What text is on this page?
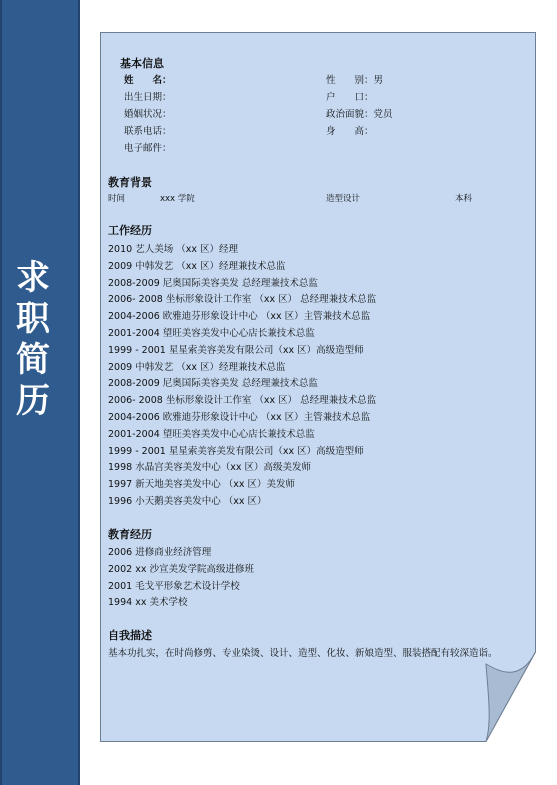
求
职
简
历
基本信息
姓　　名：	性　　别：男
出生日期：	户　　口：
婚姻状况：	政治面貌：党员
联系电话：	身　　高：
电子邮件：
教育背景
时间	xxx 学院	造型设计	本科
工作经历
2010 艺人美场 （xx 区）经理
2009 中韩发艺 （xx 区）经理兼技术总监
2008-2009 尼奥国际美容美发 总经理兼技术总监
2006- 2008 坐标形象设计工作室 （xx 区） 总经理兼技术总监
2004-2006 欧雅迪芬形象设计中心 （xx 区）主管兼技术总监
2001-2004 望旺美容美发中心心店长兼技术总监
1999 - 2001 星星索美容美发有限公司（xx 区）高级造型师
2009 中韩发艺 （xx 区）经理兼技术总监
2008-2009 尼奥国际美容美发 总经理兼技术总监
2006- 2008 坐标形象设计工作室 （xx 区） 总经理兼技术总监
2004-2006 欧雅迪芬形象设计中心 （xx 区）主管兼技术总监
2001-2004 望旺美容美发中心心店长兼技术总监
1999 - 2001 星星索美容美发有限公司（xx 区）高级造型师
1998 水晶宫美容美发中心（xx 区）高级美发师
1997 新天地美容美发中心 （xx 区）美发师
1996 小天鹅美容美发中心 （xx 区）
教育经历
2006 进修商业经济管理
2002 xx 沙宣美发学院高级进修班
2001 毛戈平形象艺术设计学校
1994 xx 美术学校
自我描述
基本功扎实，在时尚修剪、专业染烫、设计、造型、化妆、新娘造型、服装搭配有较深造诣。
